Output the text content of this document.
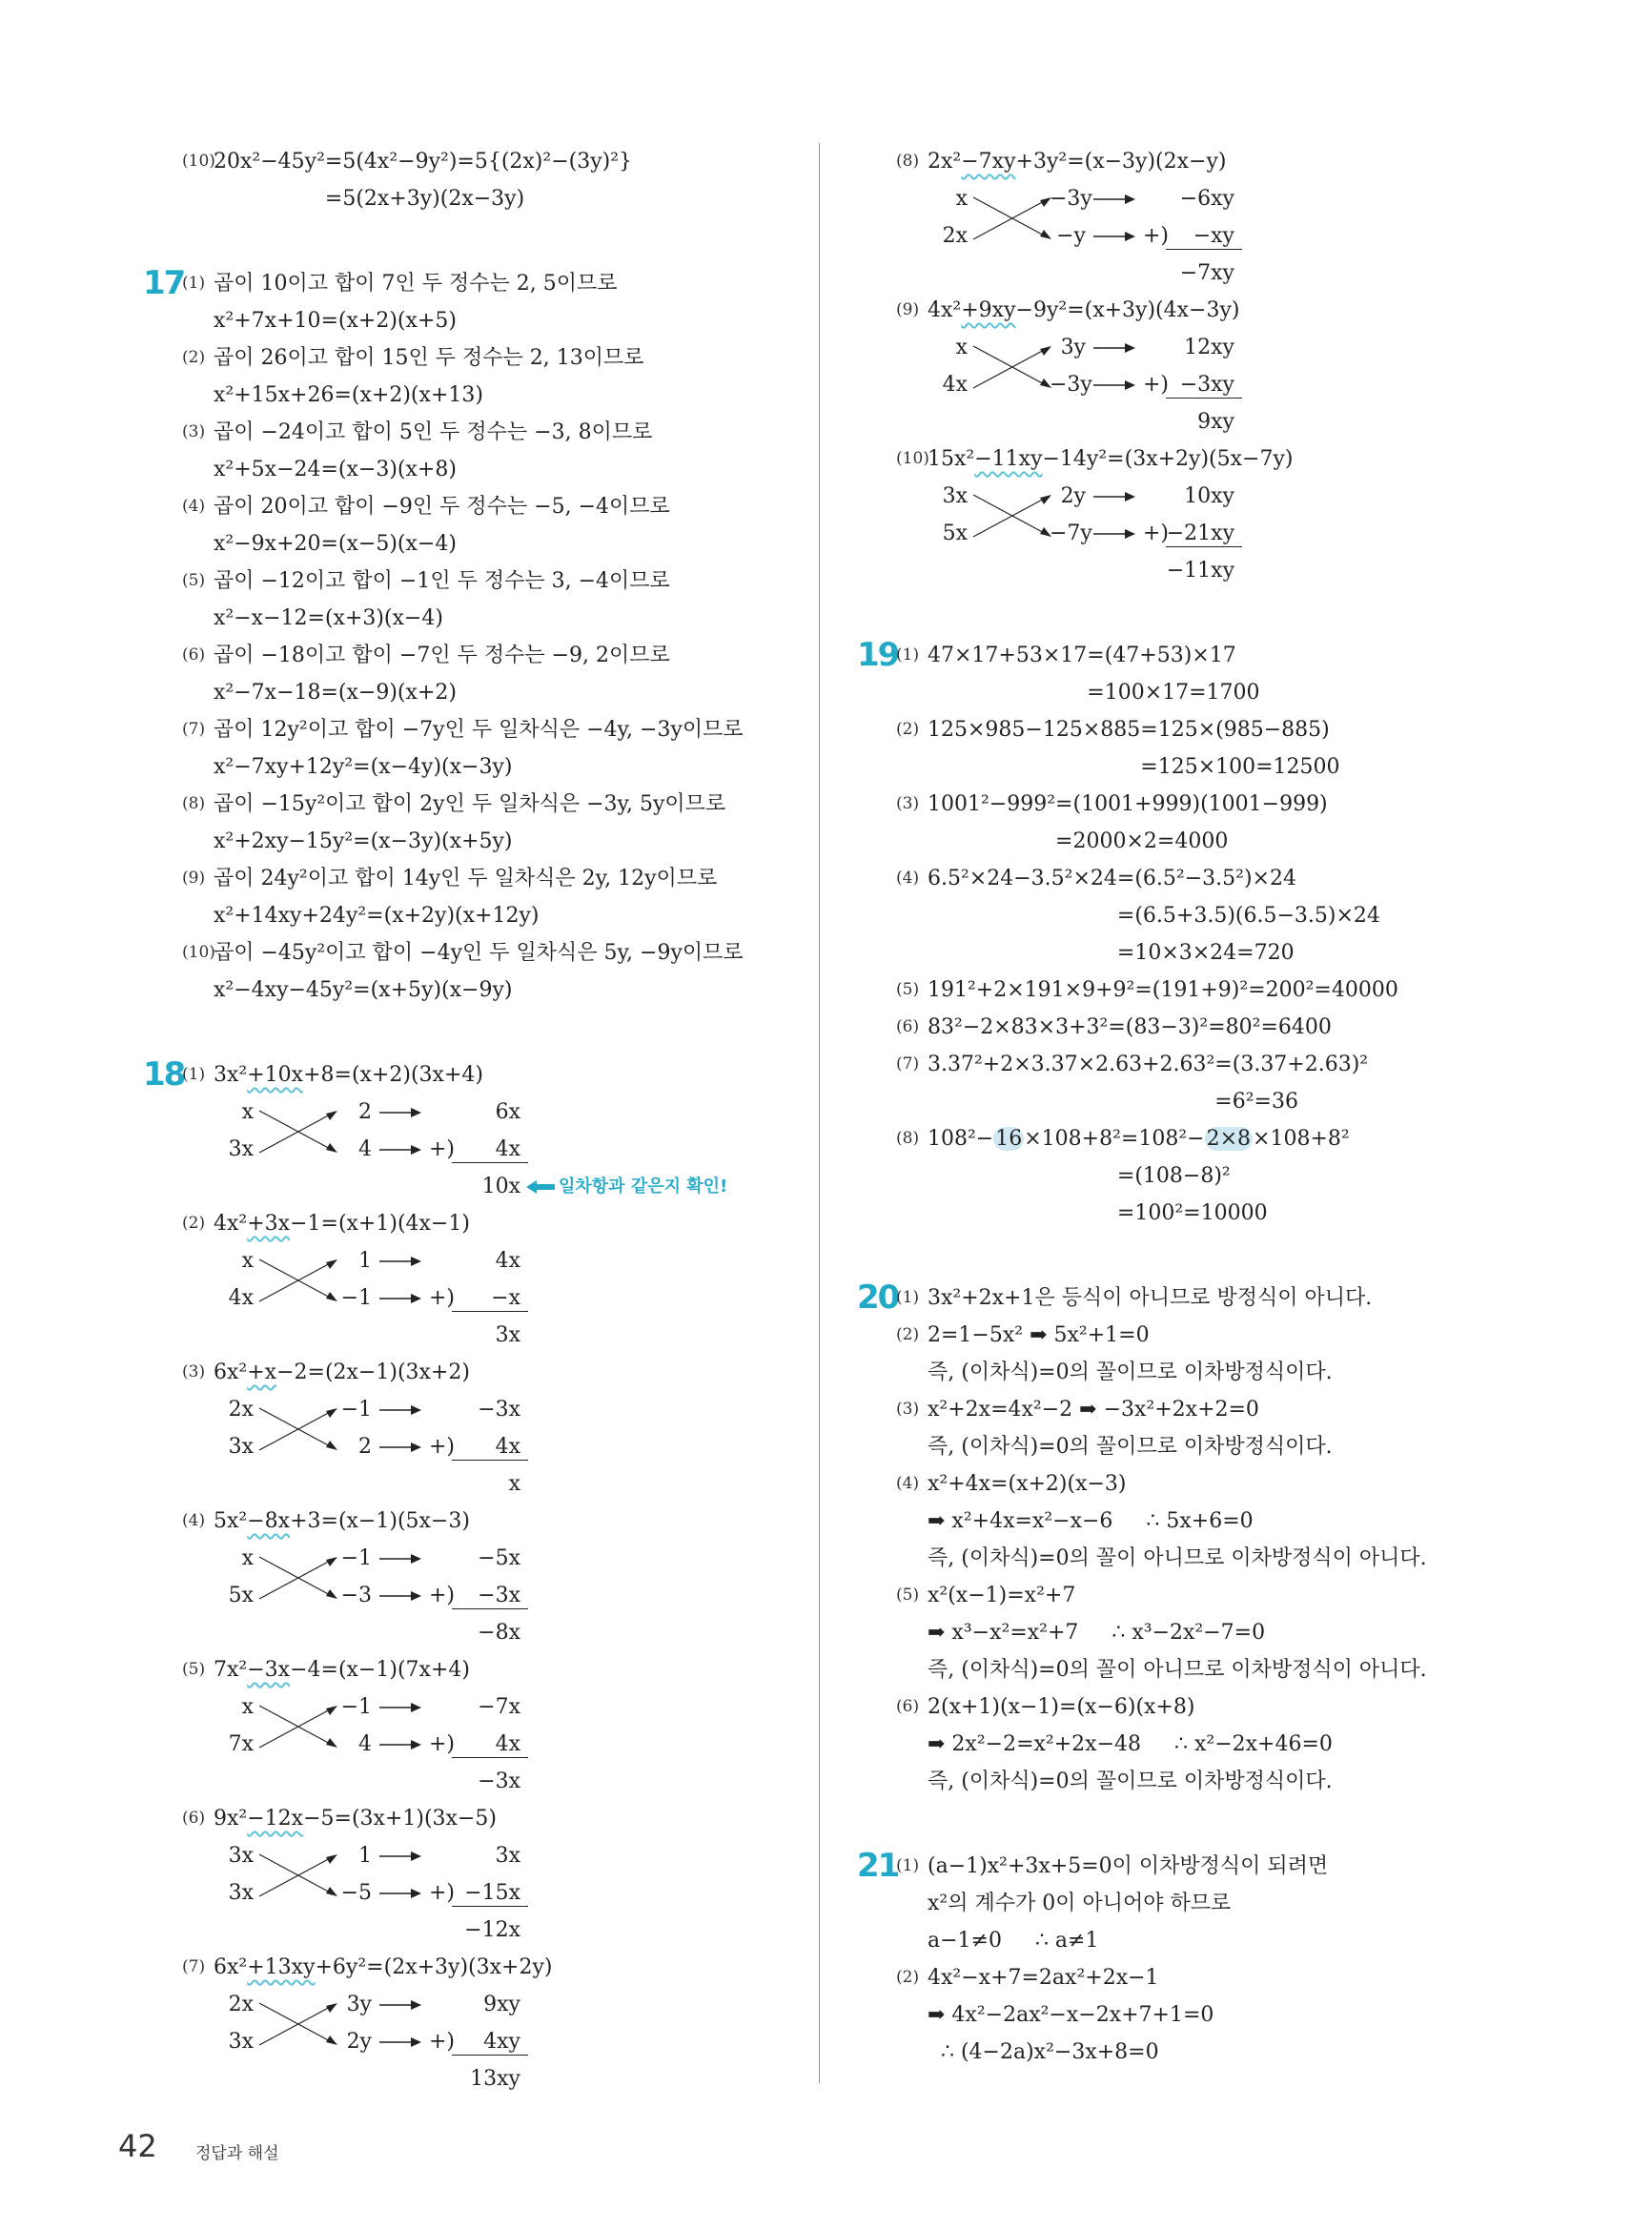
(10)
20x²−45y²=5(4x²−9y²)=5{(2x)²−(3y)²}
=5(2x+3y)(2x−3y)
17
(1) 곱이 10이고 합이 7인 두 정수는 2, 5이므로
x²+7x+10=(x+2)(x+5)
(2) 곱이 26이고 합이 15인 두 정수는 2, 13이므로
x²+15x+26=(x+2)(x+13)
(3) 곱이 −24이고 합이 5인 두 정수는 −3, 8이므로
x²+5x−24=(x−3)(x+8)
(4) 곱이 20이고 합이 −9인 두 정수는 −5, −4이므로
x²−9x+20=(x−5)(x−4)
(5) 곱이 −12이고 합이 −1인 두 정수는 3, −4이므로
x²−x−12=(x+3)(x−4)
(6) 곱이 −18이고 합이 −7인 두 정수는 −9, 2이므로
x²−7x−18=(x−9)(x+2)
(7) 곱이 12y²이고 합이 −7y인 두 일차식은 −4y, −3y이므로
x²−7xy+12y²=(x−4y)(x−3y)
(8) 곱이 −15y²이고 합이 2y인 두 일차식은 −3y, 5y이므로
x²+2xy−15y²=(x−3y)(x+5y)
(9) 곱이 24y²이고 합이 14y인 두 일차식은 2y, 12y이므로
x²+14xy+24y²=(x+2y)(x+12y)
(10)
곱이 −45y²이고 합이 −4y인 두 일차식은 5y, −9y이므로
x²−4xy−45y²=(x+5y)(x−9y)
18
(1) 3x²+10x+8=(x+2)(3x+4)
x	2	6x
3x	4	4x
+)
10x 일차항과 같은지 확인!
(2) 4x²+3x−1=(x+1)(4x−1)
x	1	4x
4x	−1	−x
+)
3x
(3) 6x²+x−2=(2x−1)(3x+2)
2x	−1	−3x
3x	2	4x
+)
x
(4) 5x²−8x+3=(x−1)(5x−3)
x	−1	−5x
5x	−3	−3x
+)
−8x
(5) 7x²−3x−4=(x−1)(7x+4)
x	−1	−7x
7x	4	4x
+)
−3x
(6) 9x²−12x−5=(3x+1)(3x−5)
3x	1	3x
3x	−5	−15x
+)
−12x
(7) 6x²+13xy+6y²=(2x+3y)(3x+2y)
2x	3y	9xy
3x	2y	4xy
+)
13xy
(8) 2x²−7xy+3y²=(x−3y)(2x−y)
x	−3y	−6xy
2x	−y	−xy
+)
−7xy
(9) 4x²+9xy−9y²=(x+3y)(4x−3y)
x	3y	12xy
4x	−3y	−3xy
+)
9xy
(10)
15x²−11xy−14y²=(3x+2y)(5x−7y)
3x	2y	10xy
5x	−7y	−21xy
+)
−11xy
19
(1) 47×17+53×17=(47+53)×17
=100×17=1700
(2) 125×985−125×885=125×(985−885)
=125×100=12500
(3) 1001²−999²=(1001+999)(1001−999)
=2000×2=4000
(4) 6.5²×24−3.5²×24=(6.5²−3.5²)×24
=(6.5+3.5)(6.5−3.5)×24
=10×3×24=720
(5) 191²+2×191×9+9²=(191+9)²=200²=40000
(6) 83²−2×83×3+3²=(83−3)²=80²=6400
(7) 3.37²+2×3.37×2.63+2.63²=(3.37+2.63)²
=6²=36
(8) 108²−16×108+8²=108²−2×8×108+8²
=(108−8)²
=100²=10000
20
(1) 3x²+2x+1은 등식이 아니므로 방정식이 아니다.
(2) 2=1−5x² ➡ 5x²+1=0
즉, (이차식)=0의 꼴이므로 이차방정식이다.
(3) x²+2x=4x²−2 ➡ −3x²+2x+2=0
즉, (이차식)=0의 꼴이므로 이차방정식이다.
(4) x²+4x=(x+2)(x−3)
➡ x²+4x=x²−x−6     ∴ 5x+6=0
즉, (이차식)=0의 꼴이 아니므로 이차방정식이 아니다.
(5) x²(x−1)=x²+7
➡ x³−x²=x²+7     ∴ x³−2x²−7=0
즉, (이차식)=0의 꼴이 아니므로 이차방정식이 아니다.
(6) 2(x+1)(x−1)=(x−6)(x+8)
➡ 2x²−2=x²+2x−48     ∴ x²−2x+46=0
즉, (이차식)=0의 꼴이므로 이차방정식이다.
21
(1) (a−1)x²+3x+5=0이 이차방정식이 되려면
x²의 계수가 0이 아니어야 하므로
a−1≠0     ∴ a≠1
(2) 4x²−x+7=2ax²+2x−1
➡ 4x²−2ax²−x−2x+7+1=0
∴ (4−2a)x²−3x+8=0
42 정답과 해설
